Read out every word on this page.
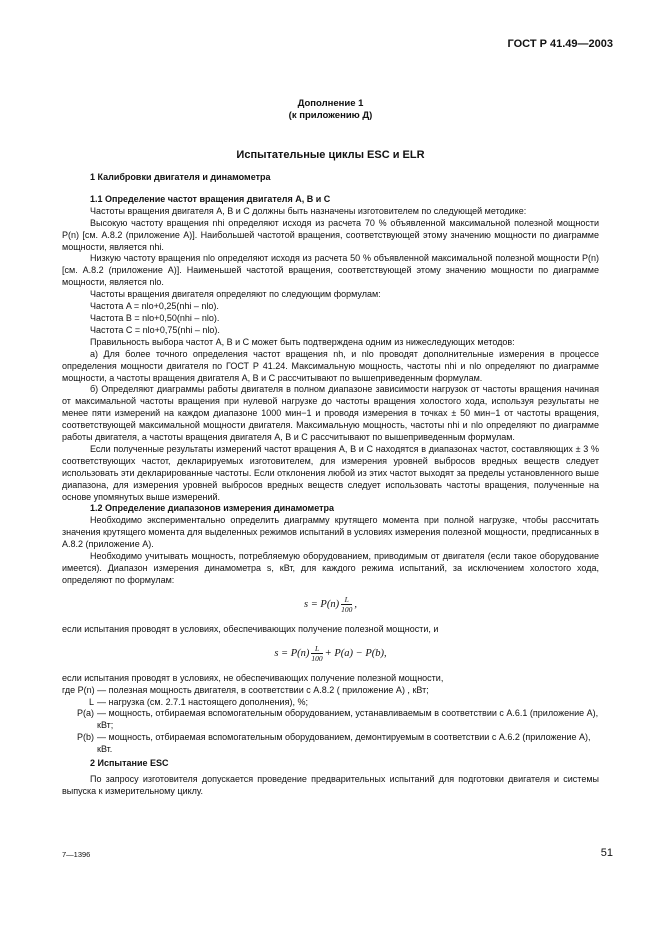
ГОСТ Р 41.49—2003
Дополнение 1
(к приложению Д)
Испытательные циклы ESC и ELR

1 Калибровки двигателя и динамометра

1.1 Определение частот вращения двигателя A, B и C

Частоты вращения двигателя A, B и C должны быть назначены изготовителем по следующей методике:

Высокую частоту вращения nhi определяют исходя из расчета 70 % объявленной максимальной полезной мощности P(n) [см. А.8.2 (приложение А)]. Наибольшей частотой вращения, соответствующей этому значению мощности по диаграмме мощности, является nhi.

Низкую частоту вращения nlo определяют исходя из расчета 50 % объявленной максимальной полезной мощности P(n) [см. А.8.2 (приложение А)]. Наименьшей частотой вращения, соответствующей этому значению мощности по диаграмме мощности, является nlo.

Частоты вращения двигателя определяют по следующим формулам:

Частота A = nlo+0,25(nhi – nlo).

Частота B = nlo+0,50(nhi – nlo).

Частота C = nlo+0,75(nhi – nlo).

Правильность выбора частот A, B и C может быть подтверждена одним из нижеследующих методов:

а) Для более точного определения частот вращения nh, и nlo проводят дополнительные измерения в процессе определения мощности двигателя по ГОСТ Р 41.24. Максимальную мощность, частоты nhi и nlo определяют по диаграмме мощности, а частоты вращения двигателя A, B и C рассчитывают по вышеприведенным формулам.

б) Определяют диаграммы работы двигателя в полном диапазоне зависимости нагрузок от частоты вращения начиная от максимальной частоты вращения при нулевой нагрузке до частоты вращения холостого хода, используя результаты не менее пяти измерений на каждом диапазоне 1000 мин−1 и проводя измерения в точках ± 50 мин−1 от частоты вращения, соответствующей максимальной мощности двигателя. Максимальную мощность, частоты nhi и nlo определяют по диаграмме работы двигателя, а частоты вращения двигателя A, B и C рассчитывают по вышеприведенным формулам.

Если полученные результаты измерений частот вращения A, B и C находятся в диапазонах частот, составляющих ± 3 % соответствующих частот, декларируемых изготовителем, для измерения уровней выбросов вредных веществ следует использовать эти декларированные частоты. Если отклонения любой из этих частот выходят за пределы установленного выше диапазона, для измерения уровней выбросов вредных веществ следует использовать частоты вращения, полученные на основе упомянутых выше измерений.

1.2 Определение диапазонов измерения динамометра

Необходимо экспериментально определить диаграмму крутящего момента при полной нагрузке, чтобы рассчитать значения крутящего момента для выделенных режимов испытаний в условиях измерения полезной мощности, предписанных в А.8.2 (приложение А).

Необходимо учитывать мощность, потребляемую оборудованием, приводимым от двигателя (если такое оборудование имеется). Диапазон измерения динамометра s, кВт, для каждого режима испытаний, за исключением холостого хода, определяют по формулам:

$s = P(n) \frac{L}{100}$ ,

если испытания проводят в условиях, обеспечивающих получение полезной мощности, и

$s = P(n) \frac{L}{100} + P(a) - P(b)$,

если испытания проводят в условиях, не обеспечивающих получение полезной мощности,

где P(n) — полезная мощность двигателя, в соответствии с А.8.2 ( приложение А) , кВт;

L — нагрузка (см. 2.7.1 настоящего дополнения), %;
P(a) — мощность, отбираемая вспомогательным оборудованием, устанавливаемым в соответствии с А.6.1 (приложение А), кВт;
P(b) — мощность, отбираемая вспомогательным оборудованием, демонтируемым в соответствии с А.6.2 (приложение А), кВт.

2 Испытание ESC

По запросу изготовителя допускается проведение предварительных испытаний для подготовки двигателя и системы выпуска к измерительному циклу.

7—1396	51
